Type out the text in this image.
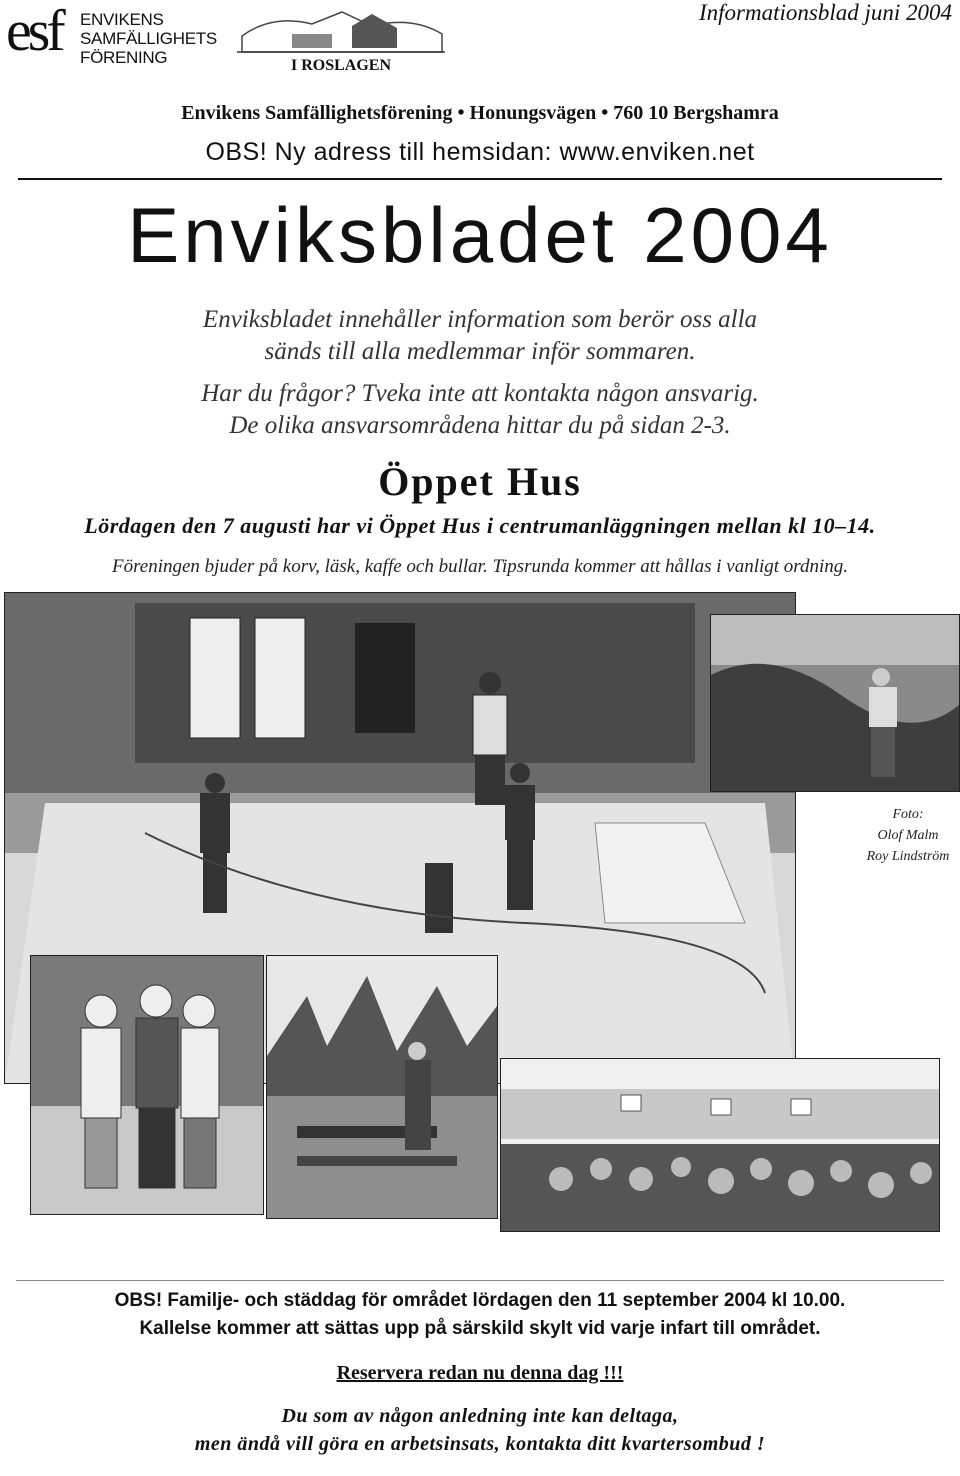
esf	ENVIKENS
SAMFÄLLIGHETS
FÖRENING	I ROSLAGEN
Informationsblad juni 2004
Envikens Samfällighetsförening • Honungsvägen • 760 10 Bergshamra
OBS! Ny adress till hemsidan: www.enviken.net
Enviksbladet 2004
Enviksbladet innehåller information som berör oss alla
sänds till alla medlemmar inför sommaren.
Har du frågor? Tveka inte att kontakta någon ansvarig.
De olika ansvarsområdena hittar du på sidan 2-3.
Öppet Hus
Lördagen den 7 augusti har vi Öppet Hus i centrumanläggningen mellan kl 10–14.
Föreningen bjuder på korv, läsk, kaffe och bullar. Tipsrunda kommer att hållas i vanligt ordning.
Foto:
Olof Malm
Roy Lindström
OBS! Familje- och städdag för området lördagen den 11 september 2004 kl 10.00.
Kallelse kommer att sättas upp på särskild skylt vid varje infart till området.
Reservera redan nu denna dag !!!
Du som av någon anledning inte kan deltaga,
men ändå vill göra en arbetsinsats, kontakta ditt kvartersombud !
